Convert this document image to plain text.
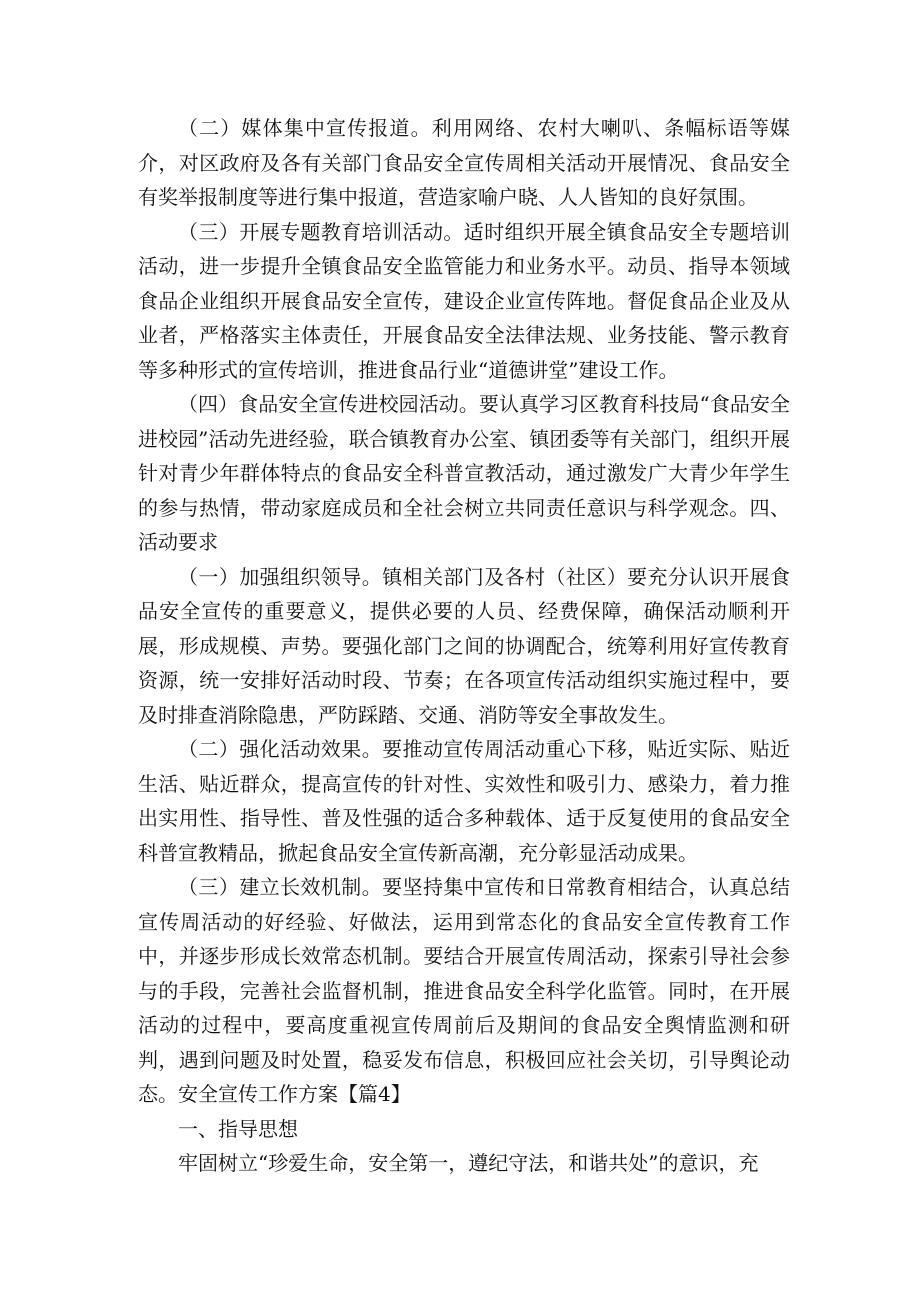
（二）媒体集中宣传报道。利用网络、农村大喇叭、条幅标语等媒介，对区政府及各有关部门食品安全宣传周相关活动开展情况、食品安全有奖举报制度等进行集中报道，营造家喻户晓、人人皆知的良好氛围。

（三）开展专题教育培训活动。适时组织开展全镇食品安全专题培训活动，进一步提升全镇食品安全监管能力和业务水平。动员、指导本领域食品企业组织开展食品安全宣传，建设企业宣传阵地。督促食品企业及从业者，严格落实主体责任，开展食品安全法律法规、业务技能、警示教育等多种形式的宣传培训，推进食品行业“道德讲堂”建设工作。

（四）食品安全宣传进校园活动。要认真学习区教育科技局“食品安全进校园”活动先进经验，联合镇教育办公室、镇团委等有关部门，组织开展针对青少年群体特点的食品安全科普宣教活动，通过激发广大青少年学生的参与热情，带动家庭成员和全社会树立共同责任意识与科学观念。四、活动要求

（一）加强组织领导。镇相关部门及各村（社区）要充分认识开展食品安全宣传的重要意义，提供必要的人员、经费保障，确保活动顺利开展，形成规模、声势。要强化部门之间的协调配合，统筹利用好宣传教育资源，统一安排好活动时段、节奏；在各项宣传活动组织实施过程中，要及时排查消除隐患，严防踩踏、交通、消防等安全事故发生。

（二）强化活动效果。要推动宣传周活动重心下移，贴近实际、贴近生活、贴近群众，提高宣传的针对性、实效性和吸引力、感染力，着力推出实用性、指导性、普及性强的适合多种载体、适于反复使用的食品安全科普宣教精品，掀起食品安全宣传新高潮，充分彰显活动成果。

（三）建立长效机制。要坚持集中宣传和日常教育相结合，认真总结宣传周活动的好经验、好做法，运用到常态化的食品安全宣传教育工作中，并逐步形成长效常态机制。要结合开展宣传周活动，探索引导社会参与的手段，完善社会监督机制，推进食品安全科学化监管。同时，在开展活动的过程中，要高度重视宣传周前后及期间的食品安全舆情监测和研判，遇到问题及时处置，稳妥发布信息，积极回应社会关切，引导舆论动态。安全宣传工作方案【篇4】

一、指导思想

牢固树立“珍爱生命，安全第一，遵纪守法，和谐共处”的意识，充
